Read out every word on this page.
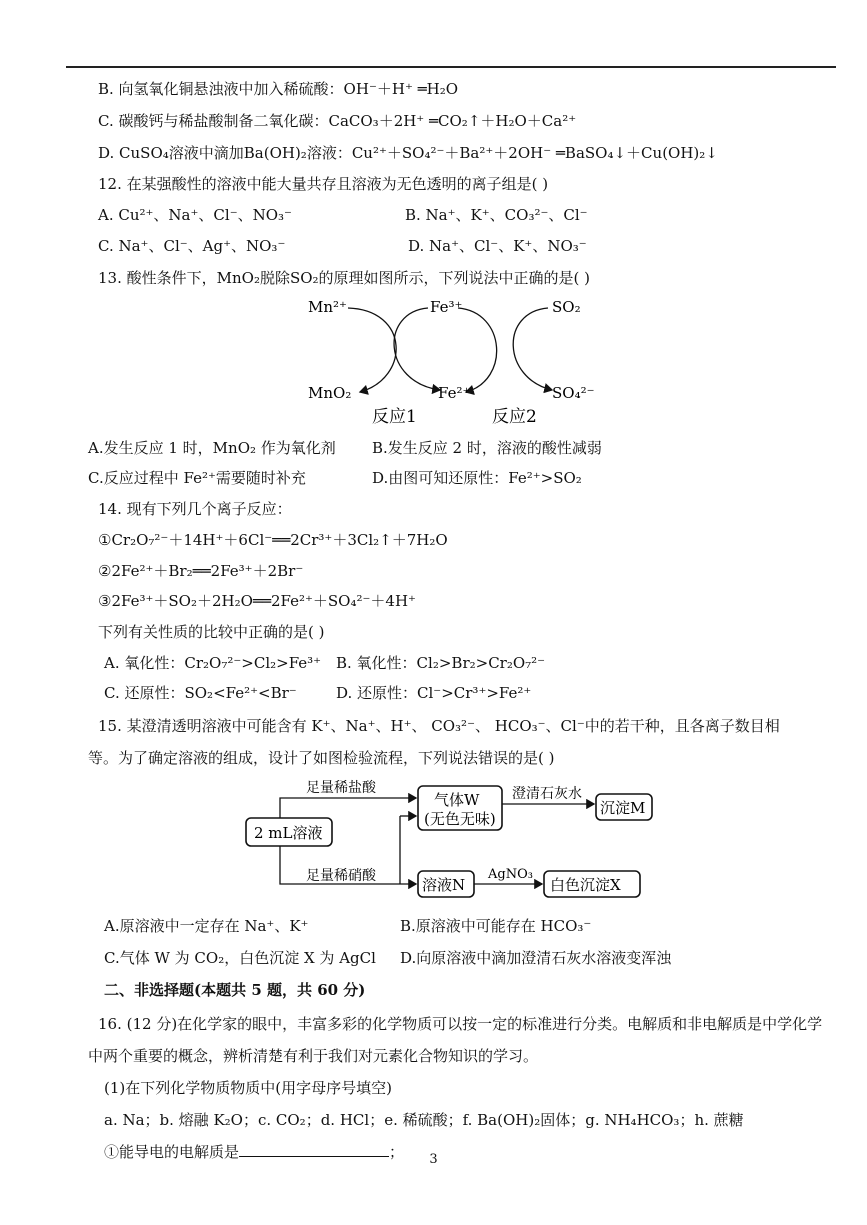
B. 向氢氧化铜悬浊液中加入稀硫酸：OH⁻＋H⁺ ═H₂O
C. 碳酸钙与稀盐酸制备二氧化碳：CaCO₃＋2H⁺ ═CO₂↑＋H₂O＋Ca²⁺
D. CuSO₄溶液中滴加Ba(OH)₂溶液：Cu²⁺＋SO₄²⁻＋Ba²⁺＋2OH⁻ ═BaSO₄↓＋Cu(OH)₂↓
12. 在某强酸性的溶液中能大量共存且溶液为无色透明的离子组是( )
A. Cu²⁺、Na⁺、Cl⁻、NO₃⁻	B. Na⁺、K⁺、CO₃²⁻、Cl⁻
C. Na⁺、Cl⁻、Ag⁺、NO₃⁻	D. Na⁺、Cl⁻、K⁺、NO₃⁻
13. 酸性条件下，MnO₂脱除SO₂的原理如图所示，下列说法中正确的是( )
Mn²⁺	Fe³⁺	SO₂
MnO₂	Fe²⁺	SO₄²⁻
反应1	反应2
A.发生反应 1 时，MnO₂ 作为氧化剂 B.发生反应 2 时，溶液的酸性减弱
C.反应过程中 Fe²⁺需要随时补充	D.由图可知还原性：Fe²⁺>SO₂
14. 现有下列几个离子反应：
①Cr₂O₇²⁻＋14H⁺＋6Cl⁻══2Cr³⁺＋3Cl₂↑＋7H₂O
②2Fe²⁺＋Br₂══2Fe³⁺＋2Br⁻
③2Fe³⁺＋SO₂＋2H₂O══2Fe²⁺＋SO₄²⁻＋4H⁺
下列有关性质的比较中正确的是( )
A. 氧化性：Cr₂O₇²⁻>Cl₂>Fe³⁺ B. 氧化性：Cl₂>Br₂>Cr₂O₇²⁻
C. 还原性：SO₂<Fe²⁺<Br⁻	D. 还原性：Cl⁻>Cr³⁺>Fe²⁺
15. 某澄清透明溶液中可能含有 K⁺、Na⁺、H⁺、 CO₃²⁻、 HCO₃⁻、Cl⁻中的若干种，且各离子数目相
等。为了确定溶液的组成，设计了如图检验流程，下列说法错误的是( )
2 mL溶液
足量稀盐酸
足量稀硝酸
气体W
(无色无味)
澄清石灰水
沉淀M
溶液N
AgNO₃
白色沉淀X
A.原溶液中一定存在 Na⁺、K⁺	B.原溶液中可能存在 HCO₃⁻
C.气体 W 为 CO₂，白色沉淀 X 为 AgCl D.向原溶液中滴加澄清石灰水溶液变浑浊
二、非选择题(本题共 5 题，共 60 分)
16. (12 分)在化学家的眼中，丰富多彩的化学物质可以按一定的标准进行分类。电解质和非电解质是中学化学
中两个重要的概念，辨析清楚有利于我们对元素化合物知识的学习。
(1)在下列化学物质物质中(用字母序号填空)
a. Na；b. 熔融 K₂O；c. CO₂；d. HCl；e. 稀硫酸；f. Ba(OH)₂固体；g. NH₄HCO₃；h. 蔗糖
①能导电的电解质是	；	3
